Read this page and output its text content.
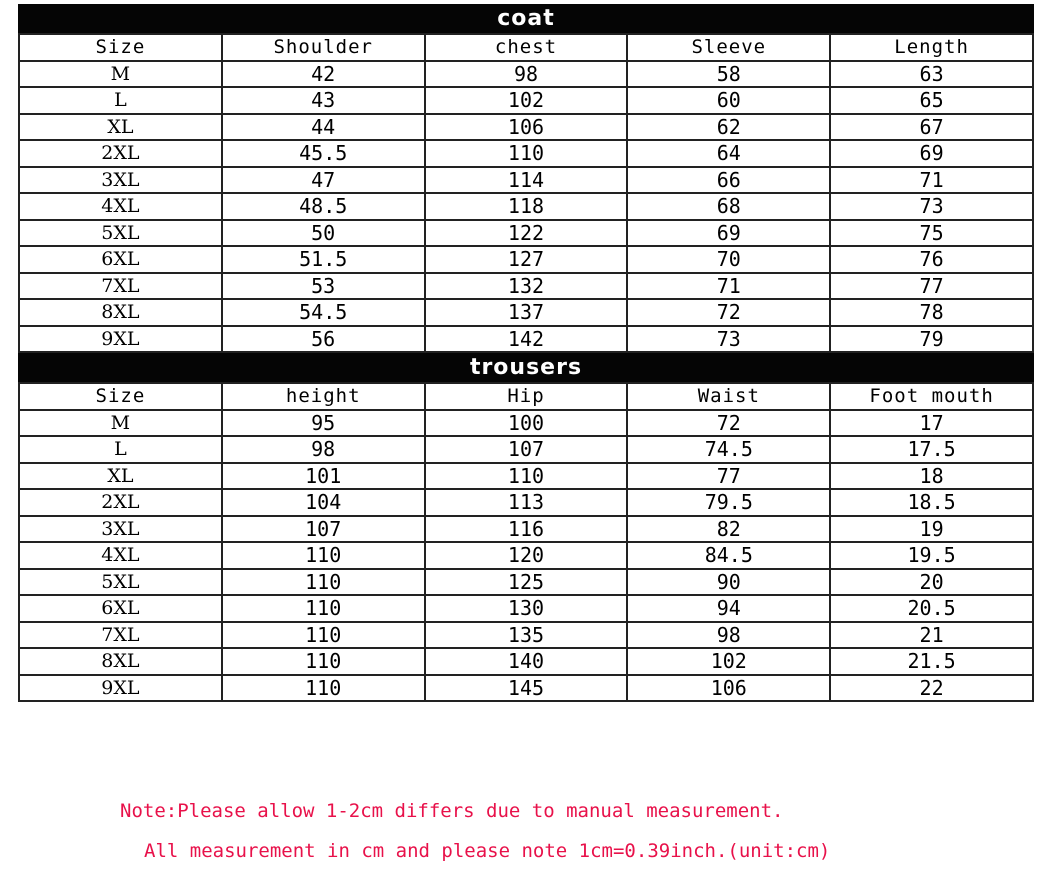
coat
Size	Shoulder	chest	Sleeve	Length
M	42	98	58	63
L	43	102	60	65
XL	44	106	62	67
2XL	45.5	110	64	69
3XL	47	114	66	71
4XL	48.5	118	68	73
5XL	50	122	69	75
6XL	51.5	127	70	76
7XL	53	132	71	77
8XL	54.5	137	72	78
9XL	56	142	73	79
trousers
Size	height	Hip	Waist	Foot mouth
M	95	100	72	17
L	98	107	74.5	17.5
XL	101	110	77	18
2XL	104	113	79.5	18.5
3XL	107	116	82	19
4XL	110	120	84.5	19.5
5XL	110	125	90	20
6XL	110	130	94	20.5
7XL	110	135	98	21
8XL	110	140	102	21.5
9XL	110	145	106	22
Note:Please allow 1-2cm differs due to manual measurement.
All measurement in cm and please note 1cm=0.39inch.(unit:cm)
